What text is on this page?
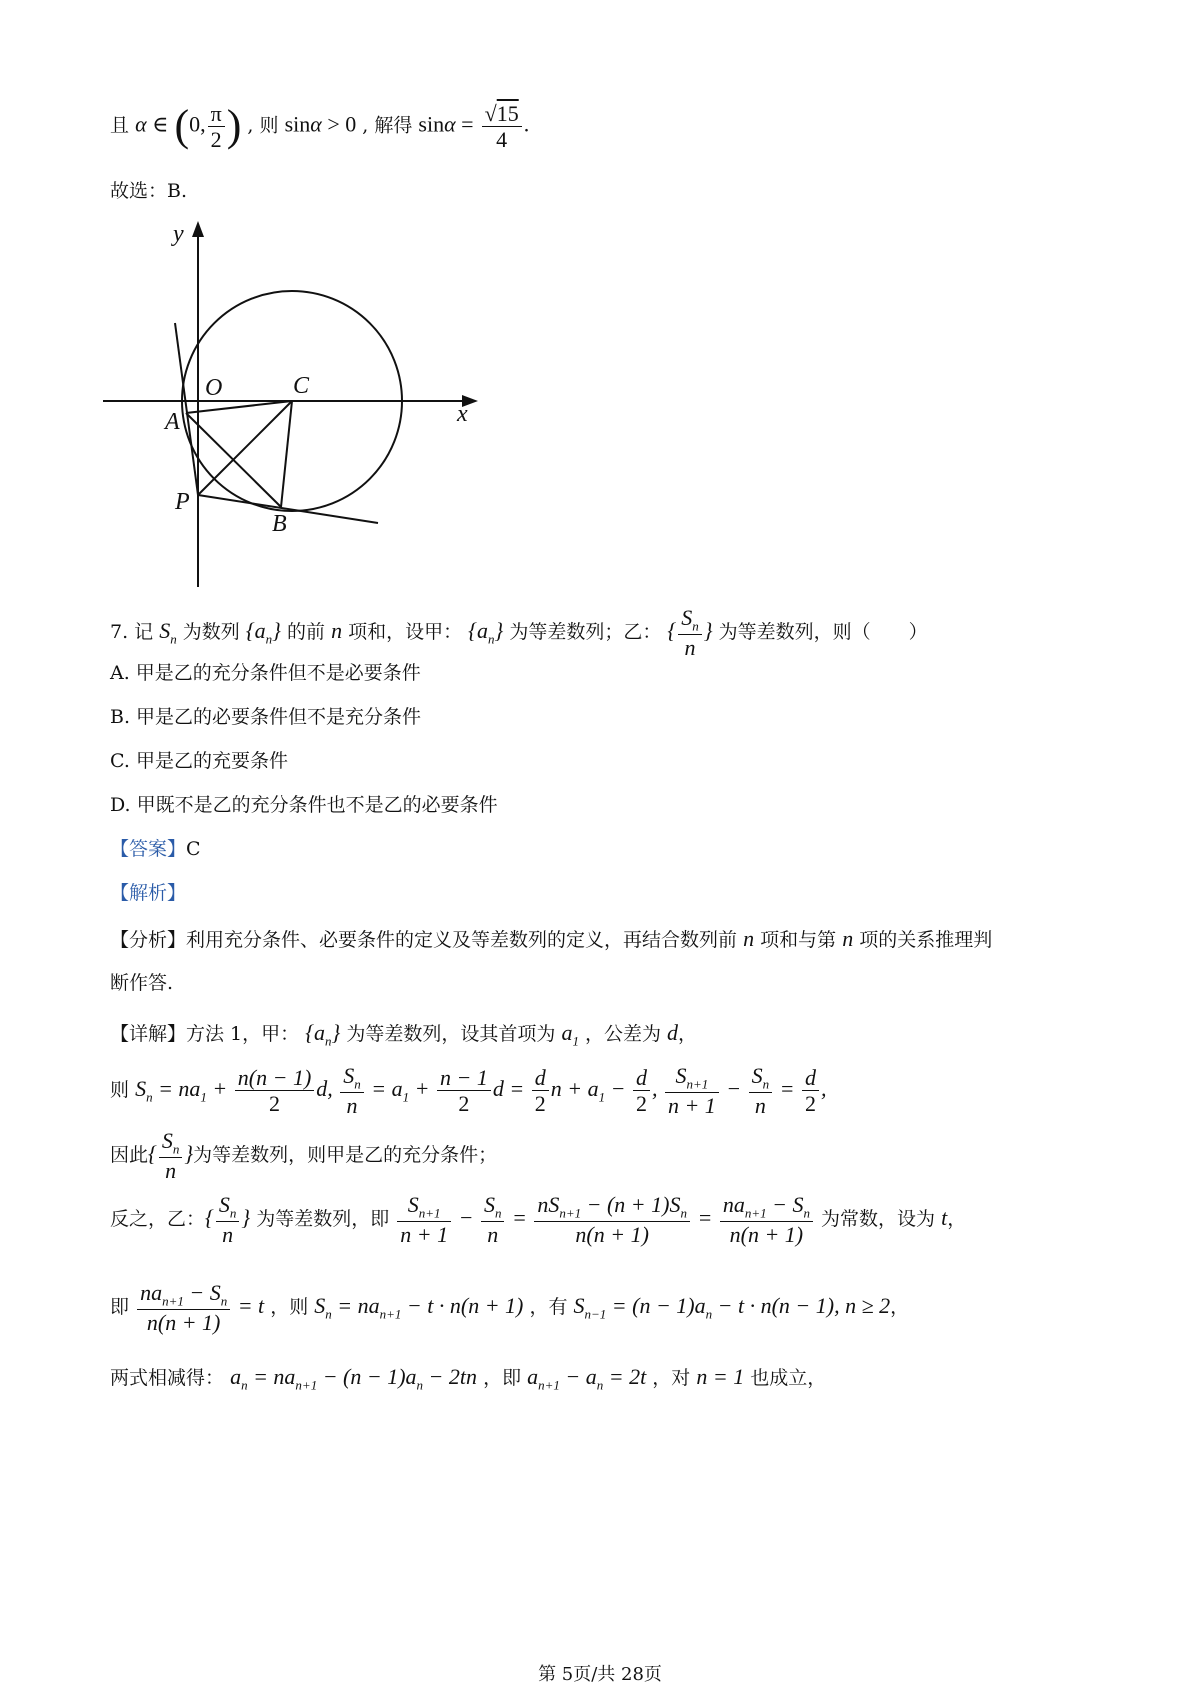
且 α ∈ (0, $\frac{\pi}{2}$ ) , 则 sinα > 0 , 解得 $\sin\alpha = \frac{√15}{4}$ .
故选：B.
y
x
O	C
A
P
B
7. 记 $S_n$ 为数列 $\{a_n\}$ 的前 n 项和，设甲： $\{a_n\}$ 为等差数列；乙： { $\frac{S_n}{n}$ } 为等差数列，则（　　）
A. 甲是乙的充分条件但不是必要条件
B. 甲是乙的必要条件但不是充分条件
C. 甲是乙的充要条件
D. 甲既不是乙的充分条件也不是乙的必要条件
【答案】C
【解析】
【分析】利用充分条件、必要条件的定义及等差数列的定义，再结合数列前 n 项和与第 n 项的关系推理判
断作答.
【详解】方法 1，甲： $\{a_n\}$ 为等差数列，设其首项为 $a_1$ ，公差为 d，
则 $S_n = na_1 + \frac{n(n - 1)}{2} d$, $\frac{S_n}{n} = a_1 + \frac{n - 1}{2}$ $d = \frac{d}{2}$ $n + a_1 - \frac{d}{2}$ , $\frac{S_{n+1}}{n + 1} - \frac{S_n}{n} = \frac{d}{2}$ ,
因此{ $\frac{S_n}{n}$ }为等差数列，则甲是乙的充分条件；
反之，乙：{ $\frac{S_n}{n}$ } 为等差数列，即 $\frac{S_{n+1}}{n + 1} - \frac{S_n}{n} = \frac{nS_{n+1} - (n + 1)S_n}{n(n + 1)} = \frac{na_{n+1} - S_n}{n(n + 1)}$ 为常数，设为 t，
即 $\frac{na_{n+1} - S_n}{n(n + 1)} = t$ ，则 $S_n = na_{n+1} - t \cdot n(n + 1)$ ，有 $S_{n-1} = (n - 1)a_n - t \cdot n(n - 1)$, n ≥ 2，
两式相减得： $a_n = na_{n+1} - (n - 1)a_n - 2tn$ ，即 $a_{n+1} - a_n = 2t$ ，对 n = 1 也成立，
第 5页/共 28页
